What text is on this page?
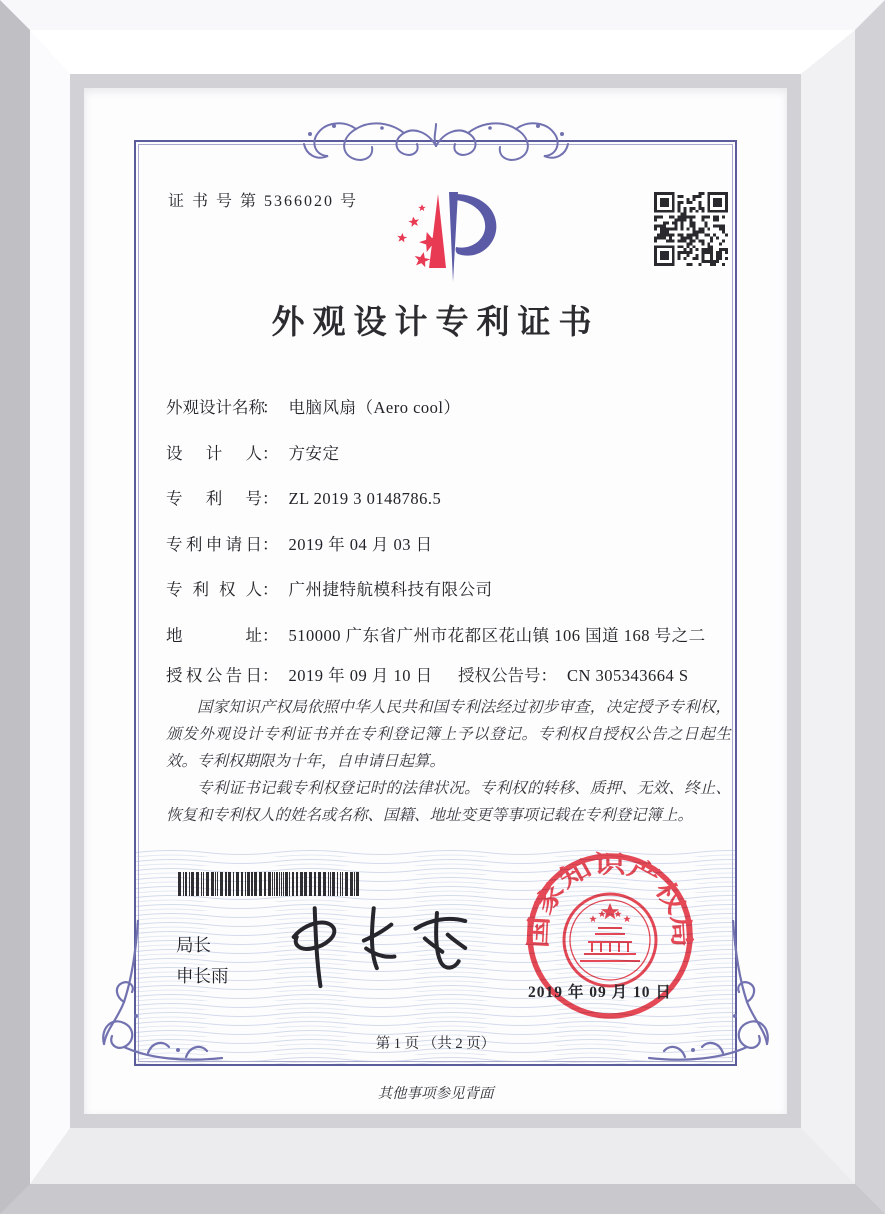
证 书 号 第 5366020 号
外观设计专利证书
外观设计名称： 电脑风扇（Aero cool）
设计人： 方安定
专利号： ZL 2019 3 0148786.5
专利申请日： 2019 年 04 月 03 日
专利权人： 广州捷特航模科技有限公司
地址： 510000 广东省广州市花都区花山镇 106 国道 168 号之二
授权公告日： 2019 年 09 月 10 日 授权公告号： CN 305343664 S

国家知识产权局依照中华人民共和国专利法经过初步审查，决定授予专利权，颁发外观设计专利证书并在专利登记簿上予以登记。专利权自授权公告之日起生效。专利权期限为十年，自申请日起算。

专利证书记载专利权登记时的法律状况。专利权的转移、质押、无效、终止、恢复和专利权人的姓名或名称、国籍、地址变更等事项记载在专利登记簿上。

局长
申长雨
国家知识产权局
2019 年 09 月 10 日
第 1 页 （共 2 页）
其他事项参见背面
